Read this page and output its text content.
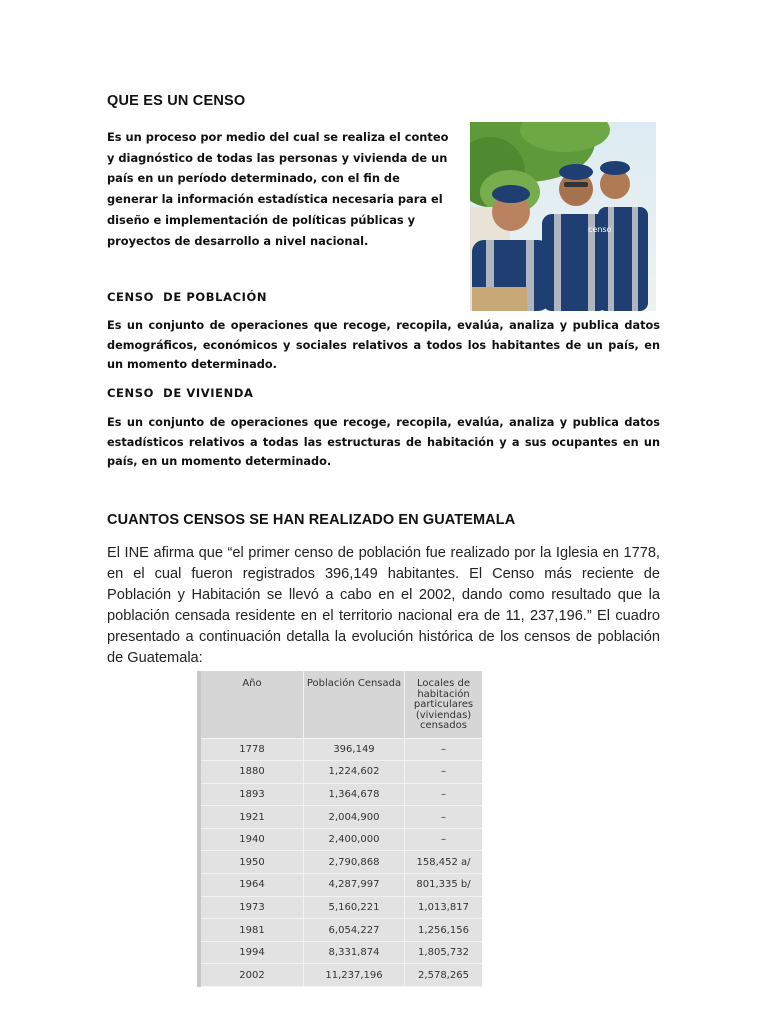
QUE ES UN CENSO
Es un proceso por medio del cual se realiza el conteo y diagnóstico de todas las personas y vivienda de un país en un período determinado, con el fin de generar la información estadística necesaria para el diseño e implementación de políticas públicas y proyectos de desarrollo a nivel nacional.
censo
CENSO  DE POBLACIÓN
Es un conjunto de operaciones que recoge, recopila, evalúa, analiza y publica datos demográficos, económicos y sociales relativos a todos los habitantes de un país, en un momento determinado.
CENSO  DE VIVIENDA
Es un conjunto de operaciones que recoge, recopila, evalúa, analiza y publica datos estadísticos relativos a todas las estructuras de habitación y a sus ocupantes en un país, en un momento determinado.
CUANTOS CENSOS SE HAN REALIZADO EN GUATEMALA
El INE afirma que “el primer censo de población fue realizado por la Iglesia en 1778, en el cual fueron registrados 396,149 habitantes. El Censo más reciente de Población y Habitación se llevó a cabo en el 2002, dando como resultado que la población censada residente en el territorio nacional era de 11, 237,196.” El cuadro presentado a continuación detalla la evolución histórica de los censos de población de Guatemala:
Año	Población Censada	Locales de habitación particulares (viviendas) censados
1778	396,149	–
1880	1,224,602	–
1893	1,364,678	–
1921	2,004,900	–
1940	2,400,000	–
1950	2,790,868	158,452 a/
1964	4,287,997	801,335 b/
1973	5,160,221	1,013,817
1981	6,054,227	1,256,156
1994	8,331,874	1,805,732
2002	11,237,196	2,578,265
